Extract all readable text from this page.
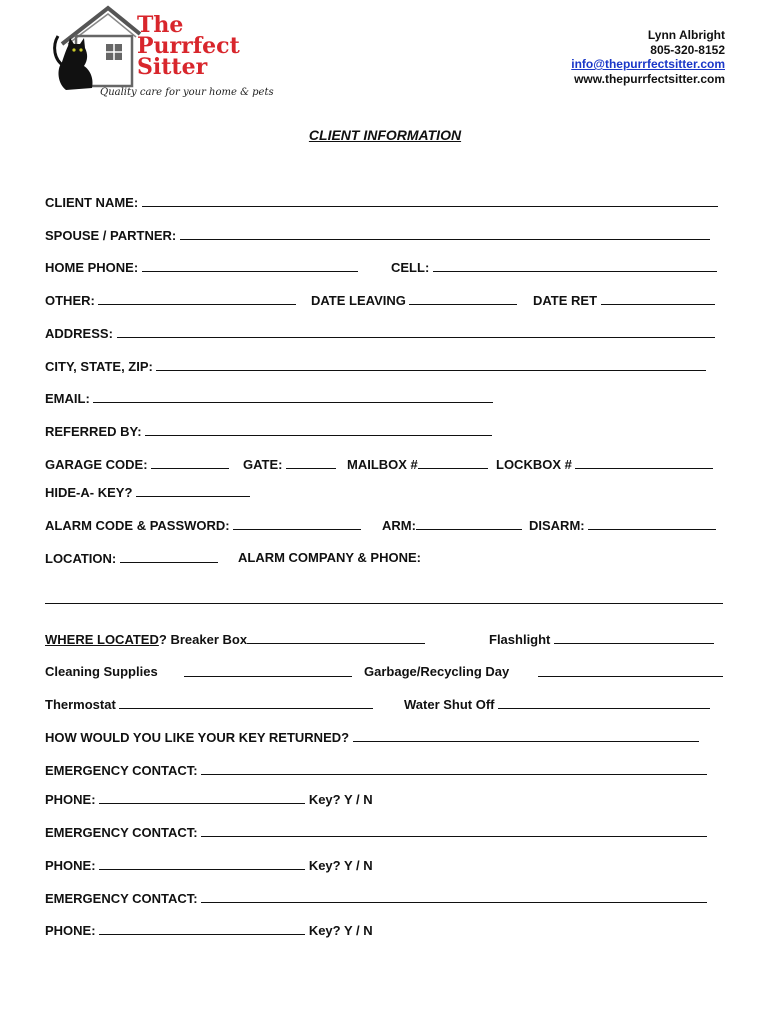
The
Purrfect
Sitter
Quality care for your home & pets
Lynn Albright
805-320-8152
info@thepurrfectsitter.com
www.thepurrfectsitter.com
CLIENT INFORMATION
CLIENT NAME:
SPOUSE / PARTNER:
HOME PHONE:	CELL:
OTHER:	DATE LEAVING	DATE RET
ADDRESS:
CITY, STATE, ZIP:
EMAIL:
REFERRED BY:
GARAGE CODE:	GATE:	MAILBOX #	LOCKBOX #
HIDE-A- KEY?
ALARM CODE & PASSWORD:	ARM:	DISARM:
LOCATION:	ALARM COMPANY & PHONE:
WHERE LOCATED? Breaker Box	Flashlight
Cleaning Supplies	Garbage/Recycling Day
Thermostat	Water Shut Off
HOW WOULD YOU LIKE YOUR KEY RETURNED?
EMERGENCY CONTACT:
PHONE:	Key? Y / N
EMERGENCY CONTACT:
PHONE:	Key? Y / N
EMERGENCY CONTACT:
PHONE:	Key? Y / N
